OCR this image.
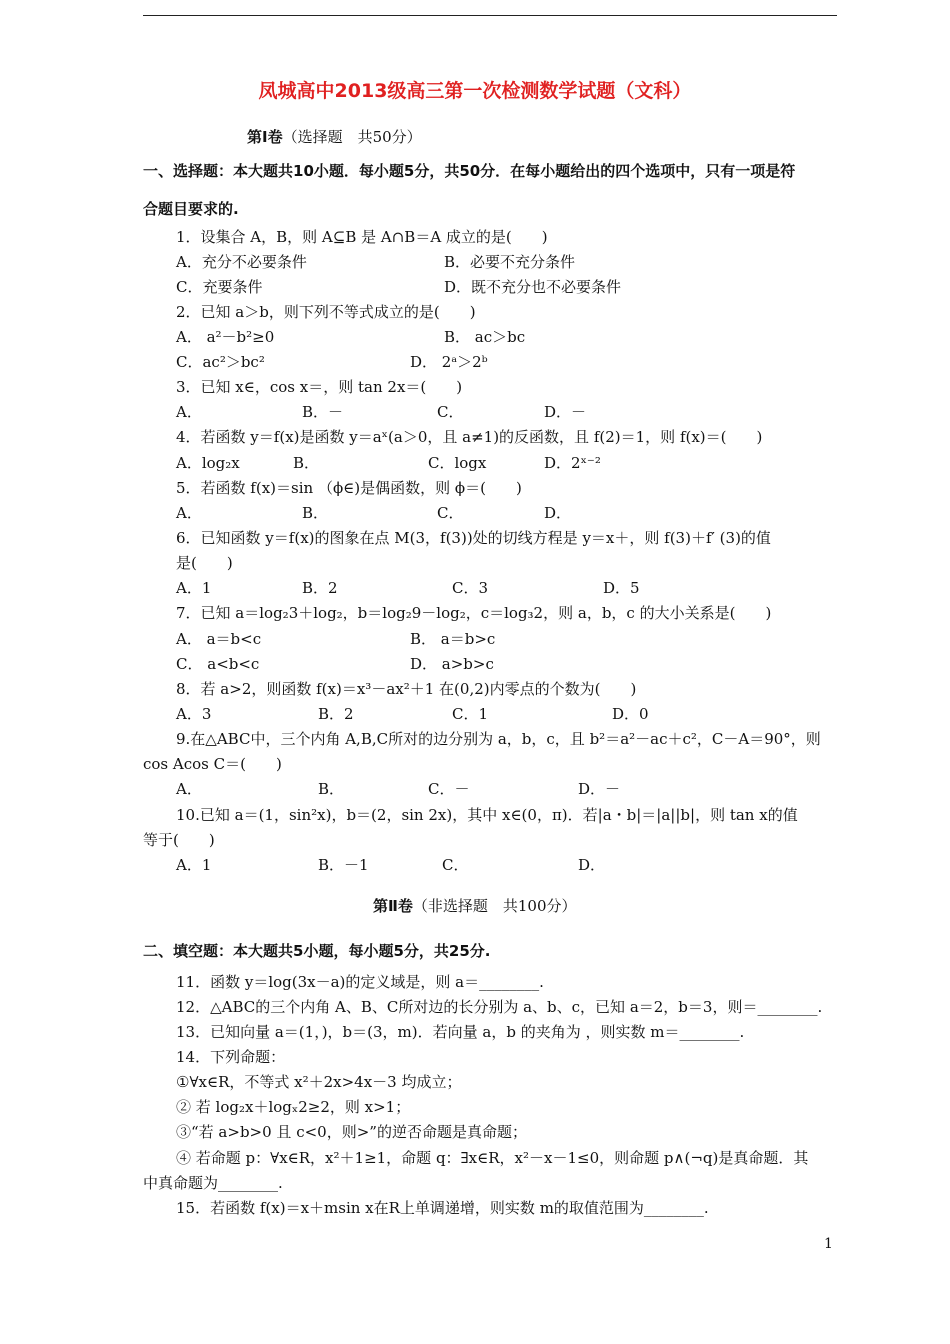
凤城高中2013级高三第一次检测数学试题（文科）
第Ⅰ卷（选择题　共50分）
一、选择题：本大题共10小题．每小题5分，共50分．在每小题给出的四个选项中，只有一项是符
合题目要求的.
1．设集合 A，B，则 A⊆B 是 A∩B＝A 成立的是(　　)
A．充分不必要条件	B．必要不充分条件
C．充要条件	D．既不充分也不必要条件
2．已知 a＞b，则下列不等式成立的是(　　)
A． a²－b²≥0	B． ac＞bc
C．ac²＞bc²	D． 2ᵃ＞2ᵇ
3．已知 x∈，cos x＝，则 tan 2x＝(　　)
A．	B．－	C．	D．－
4．若函数 y＝f(x)是函数 y＝aˣ(a＞0，且 a≠1)的反函数，且 f(2)＝1，则 f(x)＝(　　)
A．log₂x	B．	C．logx	D．2ˣ⁻²
5．若函数 f(x)＝sin （ϕ∈)是偶函数，则 ϕ＝(　　)
A．	B．	C．	D．
6．已知函数 y＝f(x)的图象在点 M(3，f(3))处的切线方程是 y＝x＋，则 f(3)＋f′ (3)的值
是(　　)
A．1	B．2	C．3	D．5
7．已知 a＝log₂3＋log₂，b＝log₂9－log₂，c＝log₃2，则 a，b，c 的大小关系是(　　)
A． a＝b<c	B． a＝b>c
C． a<b<c	D． a>b>c
8．若 a>2，则函数 f(x)＝x³－ax²＋1 在(0,2)内零点的个数为(　　)
A．3	B．2	C．1	D．0
9.在△ABC中，三个内角 A,B,C所对的边分别为 a，b，c，且 b²＝a²－ac＋c²，C－A＝90°，则
cos Acos C＝(　　)
A．	B．	C．－	D．－
10.已知 a＝(1，sin²x)，b＝(2，sin 2x)，其中 x∈(0，π)．若|a・b|＝|a||b|，则 tan x的值
等于(　　)
A．1	B．－1	C．	D．
第Ⅱ卷（非选择题　共100分）
二、填空题：本大题共5小题，每小题5分，共25分.
11．函数 y＝log(3x－a)的定义域是，则 a＝________.
12．△ABC的三个内角 A、B、C所对边的长分别为 a、b、c，已知 a＝2，b＝3，则＝________.
13．已知向量 a＝(1，)，b＝(3，m)．若向量 a，b 的夹角为 ，则实数 m＝________.
14．下列命题：
①∀x∈R，不等式 x²＋2x>4x－3 均成立；
② 若 log₂x＋logₓ2≥2，则 x>1；
③“若 a>b>0 且 c<0，则>”的逆否命题是真命题；
④ 若命题 p：∀x∈R，x²＋1≥1，命题 q：∃x∈R，x²－x－1≤0，则命题 p∧(¬q)是真命题．其
中真命题为________.
15．若函数 f(x)＝x＋msin x在R上单调递增，则实数 m的取值范围为________.
1
